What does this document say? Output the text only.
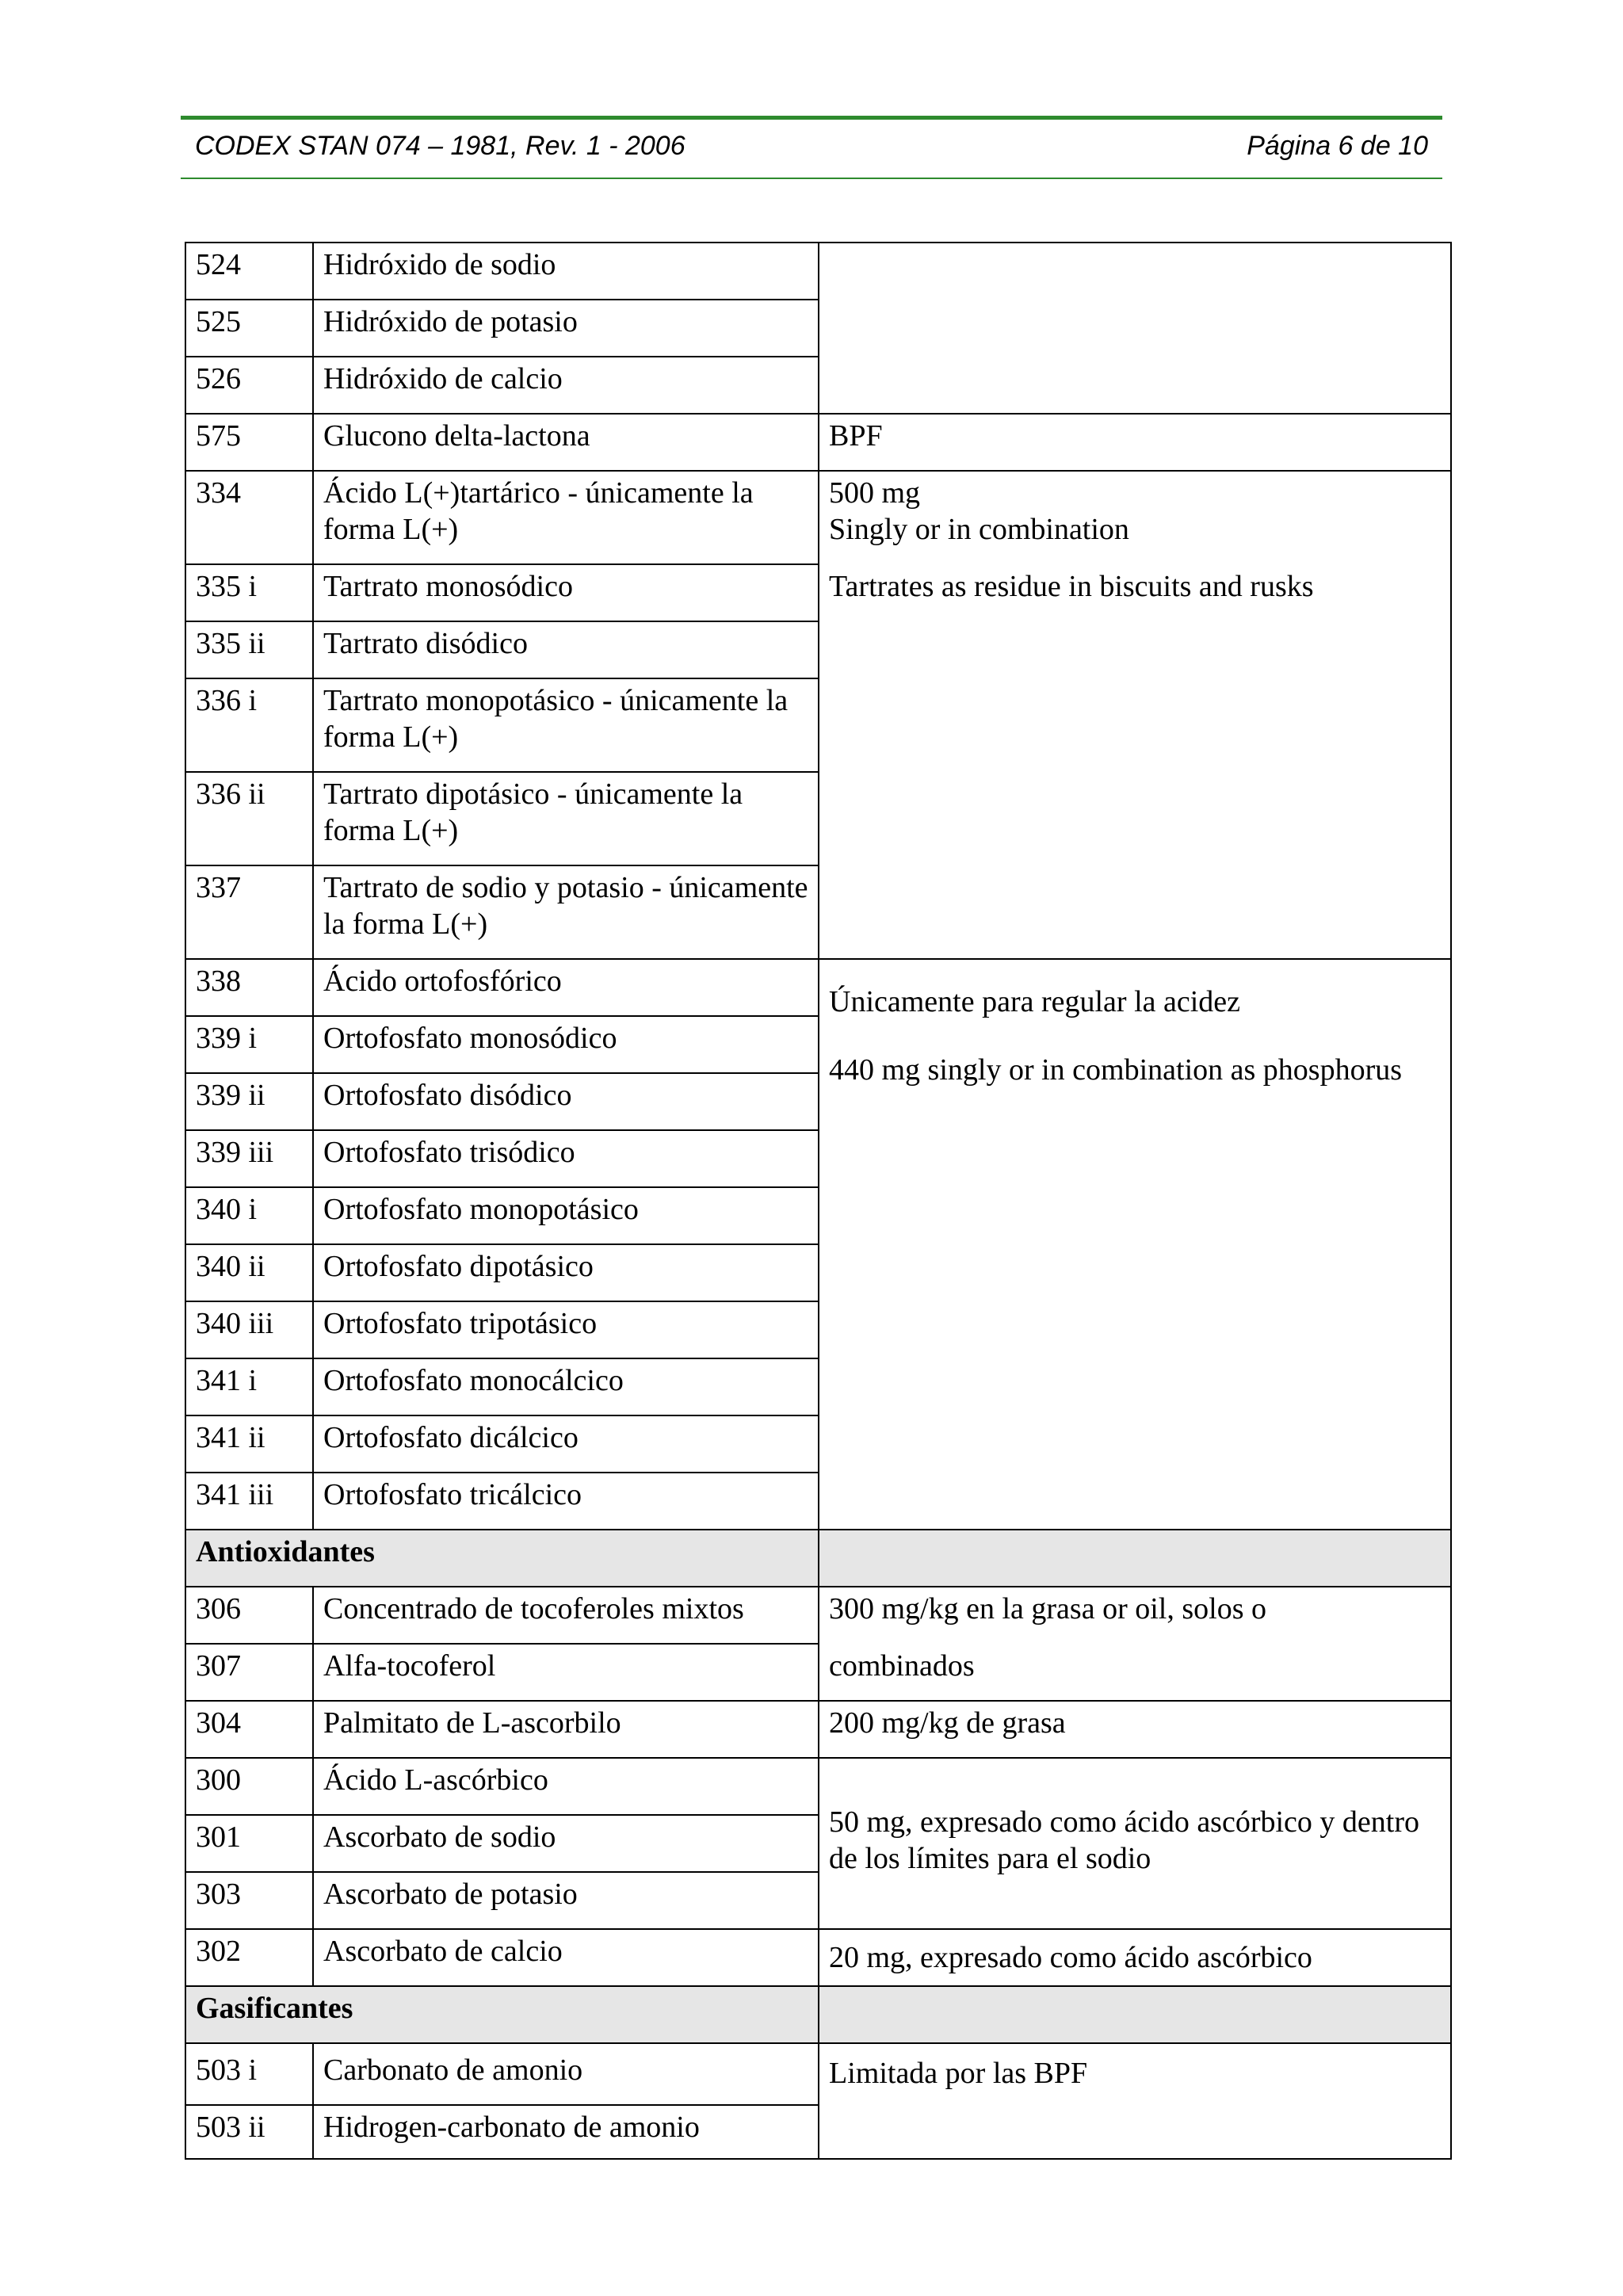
CODEX STAN 074 – 1981, Rev. 1 - 2006	Página 6 de 10
524	Hidróxido de sodio	
525	Hidróxido de potasio	
526	Hidróxido de calcio	
575	Glucono delta-lactona	BPF
334	Ácido L(+)tartárico - únicamente la forma L(+)	500 mg
Singly or in combination
Tartrates as residue in biscuits and rusks

335 i	Tartrato monosódico	
335 ii	Tartrato disódico	
336 i	Tartrato monopotásico - únicamente la forma L(+)	
336 ii	Tartrato dipotásico - únicamente la forma L(+)	
337	Tartrato de sodio y potasio - únicamente la forma L(+)	
338	Ácido ortofosfórico	Únicamente para regular la acidez
440 mg singly or in combination as phosphorus

339 i	Ortofosfato monosódico	
339 ii	Ortofosfato disódico	
339 iii	Ortofosfato trisódico	
340 i	Ortofosfato monopotásico	
340 ii	Ortofosfato dipotásico	
340 iii	Ortofosfato tripotásico	
341 i	Ortofosfato monocálcico	
341 ii	Ortofosfato dicálcico	
341 iii	Ortofosfato tricálcico	
Antioxidantes		
306	Concentrado de tocoferoles mixtos	300 mg/kg en la grasa or oil, solos o
combinados

307	Alfa-tocoferol	
304	Palmitato de L-ascorbilo	200 mg/kg de grasa
300	Ácido L-ascórbico	50 mg, expresado como ácido ascórbico y dentro de los límites para el sodio
301	Ascorbato de sodio	
303	Ascorbato de potasio	
302	Ascorbato de calcio	20 mg, expresado como ácido ascórbico
Gasificantes		
503 i	Carbonato de amonio	Limitada por las BPF
503 ii	Hidrogen-carbonato de amonio	
